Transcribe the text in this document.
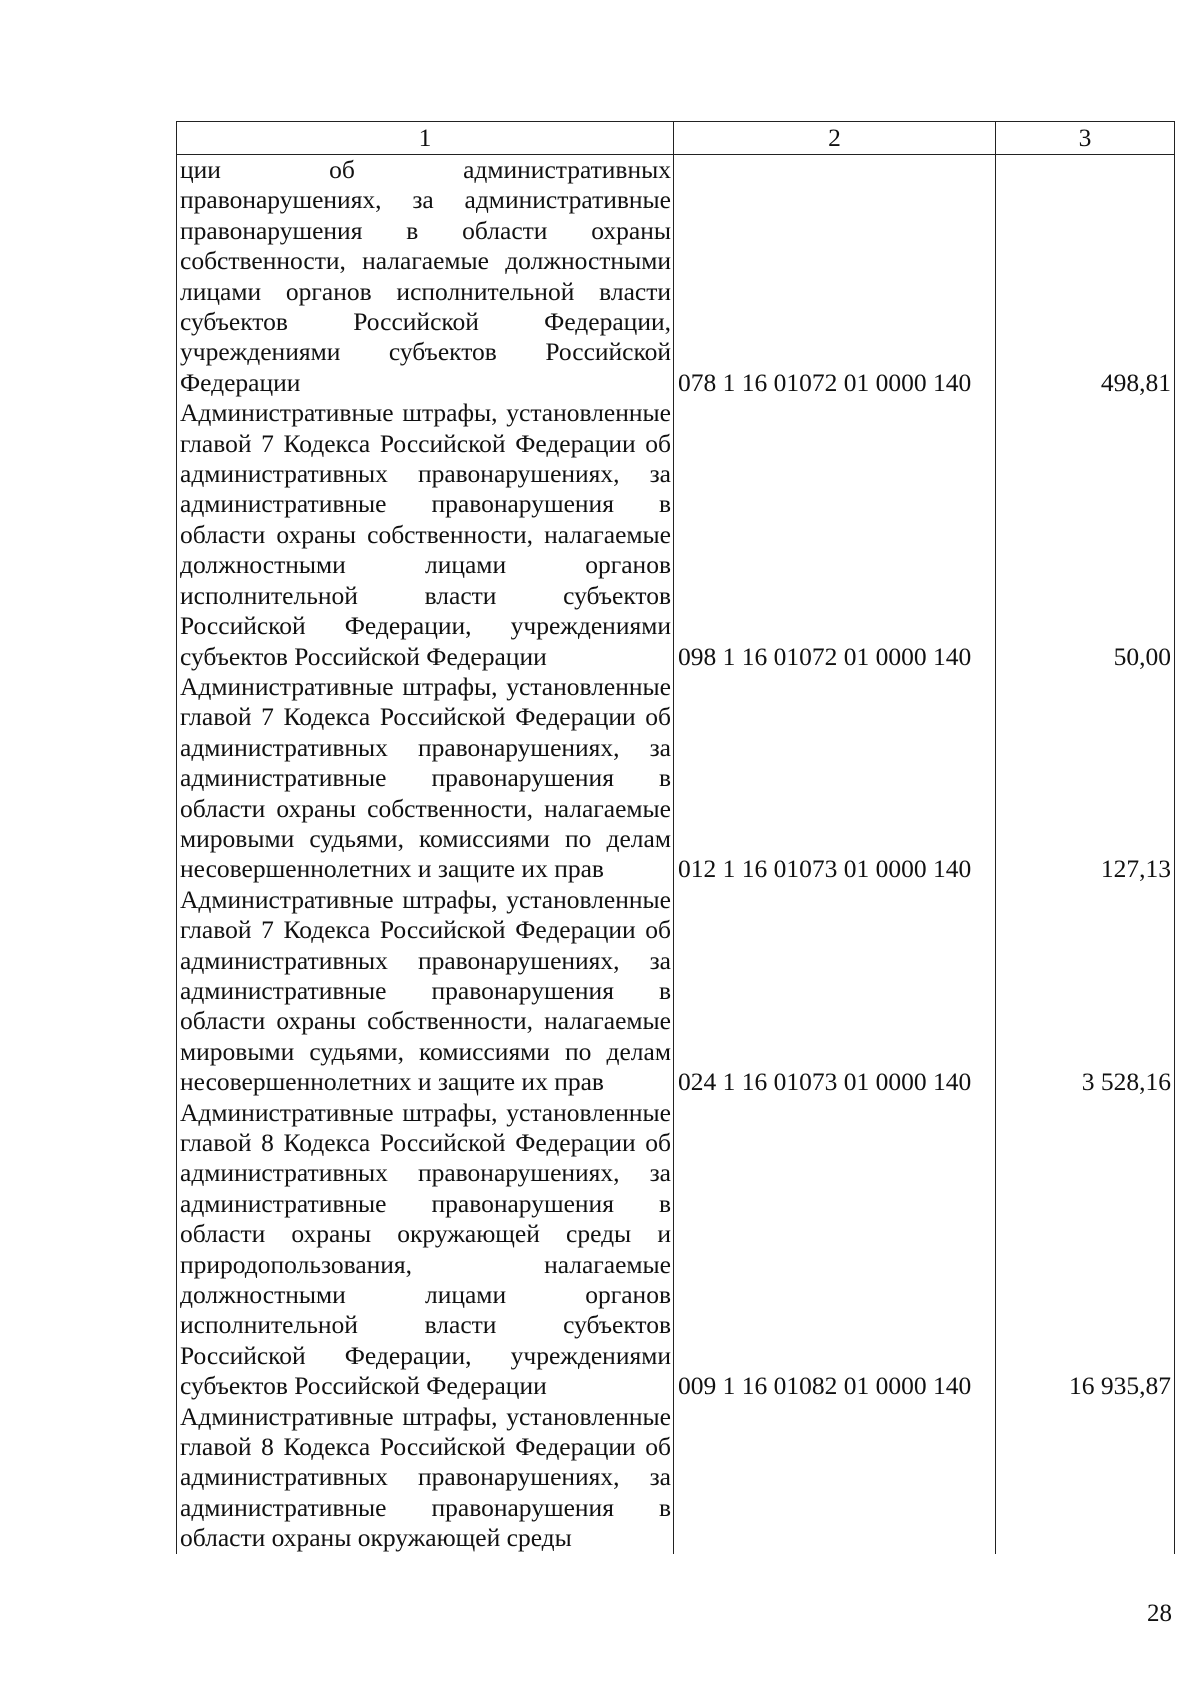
1	2	3
ции об административных правонарушениях, за административные правонарушения в области охраны собственности, налагаемые должностными лицами органов исполнительной власти субъектов Российской Федерации, учреждениями субъектов Российской Федерации	078 1 16 01072 01 0000 140	498,81
Административные штрафы, установленные главой 7 Кодекса Российской Федерации об административных правонарушениях, за административные правонарушения в области охраны собственности, налагаемые должностными лицами органов исполнительной власти субъектов Российской Федерации, учреждениями субъектов Российской Федерации	098 1 16 01072 01 0000 140	50,00
Административные штрафы, установленные главой 7 Кодекса Российской Федерации об административных правонарушениях, за административные правонарушения в области охраны собственности, налагаемые мировыми судьями, комиссиями по делам несовершеннолетних и защите их прав	012 1 16 01073 01 0000 140	127,13
Административные штрафы, установленные главой 7 Кодекса Российской Федерации об административных правонарушениях, за административные правонарушения в области охраны собственности, налагаемые мировыми судьями, комиссиями по делам несовершеннолетних и защите их прав	024 1 16 01073 01 0000 140	3 528,16
Административные штрафы, установленные главой 8 Кодекса Российской Федерации об административных правонарушениях, за административные правонарушения в области охраны окружающей среды и природопользования, налагаемые должностными лицами органов исполнительной власти субъектов Российской Федерации, учреждениями субъектов Российской Федерации	009 1 16 01082 01 0000 140	16 935,87
Административные штрафы, установленные главой 8 Кодекса Российской Федерации об административных правонарушениях, за административные правонарушения в области охраны окружающей среды		
28
